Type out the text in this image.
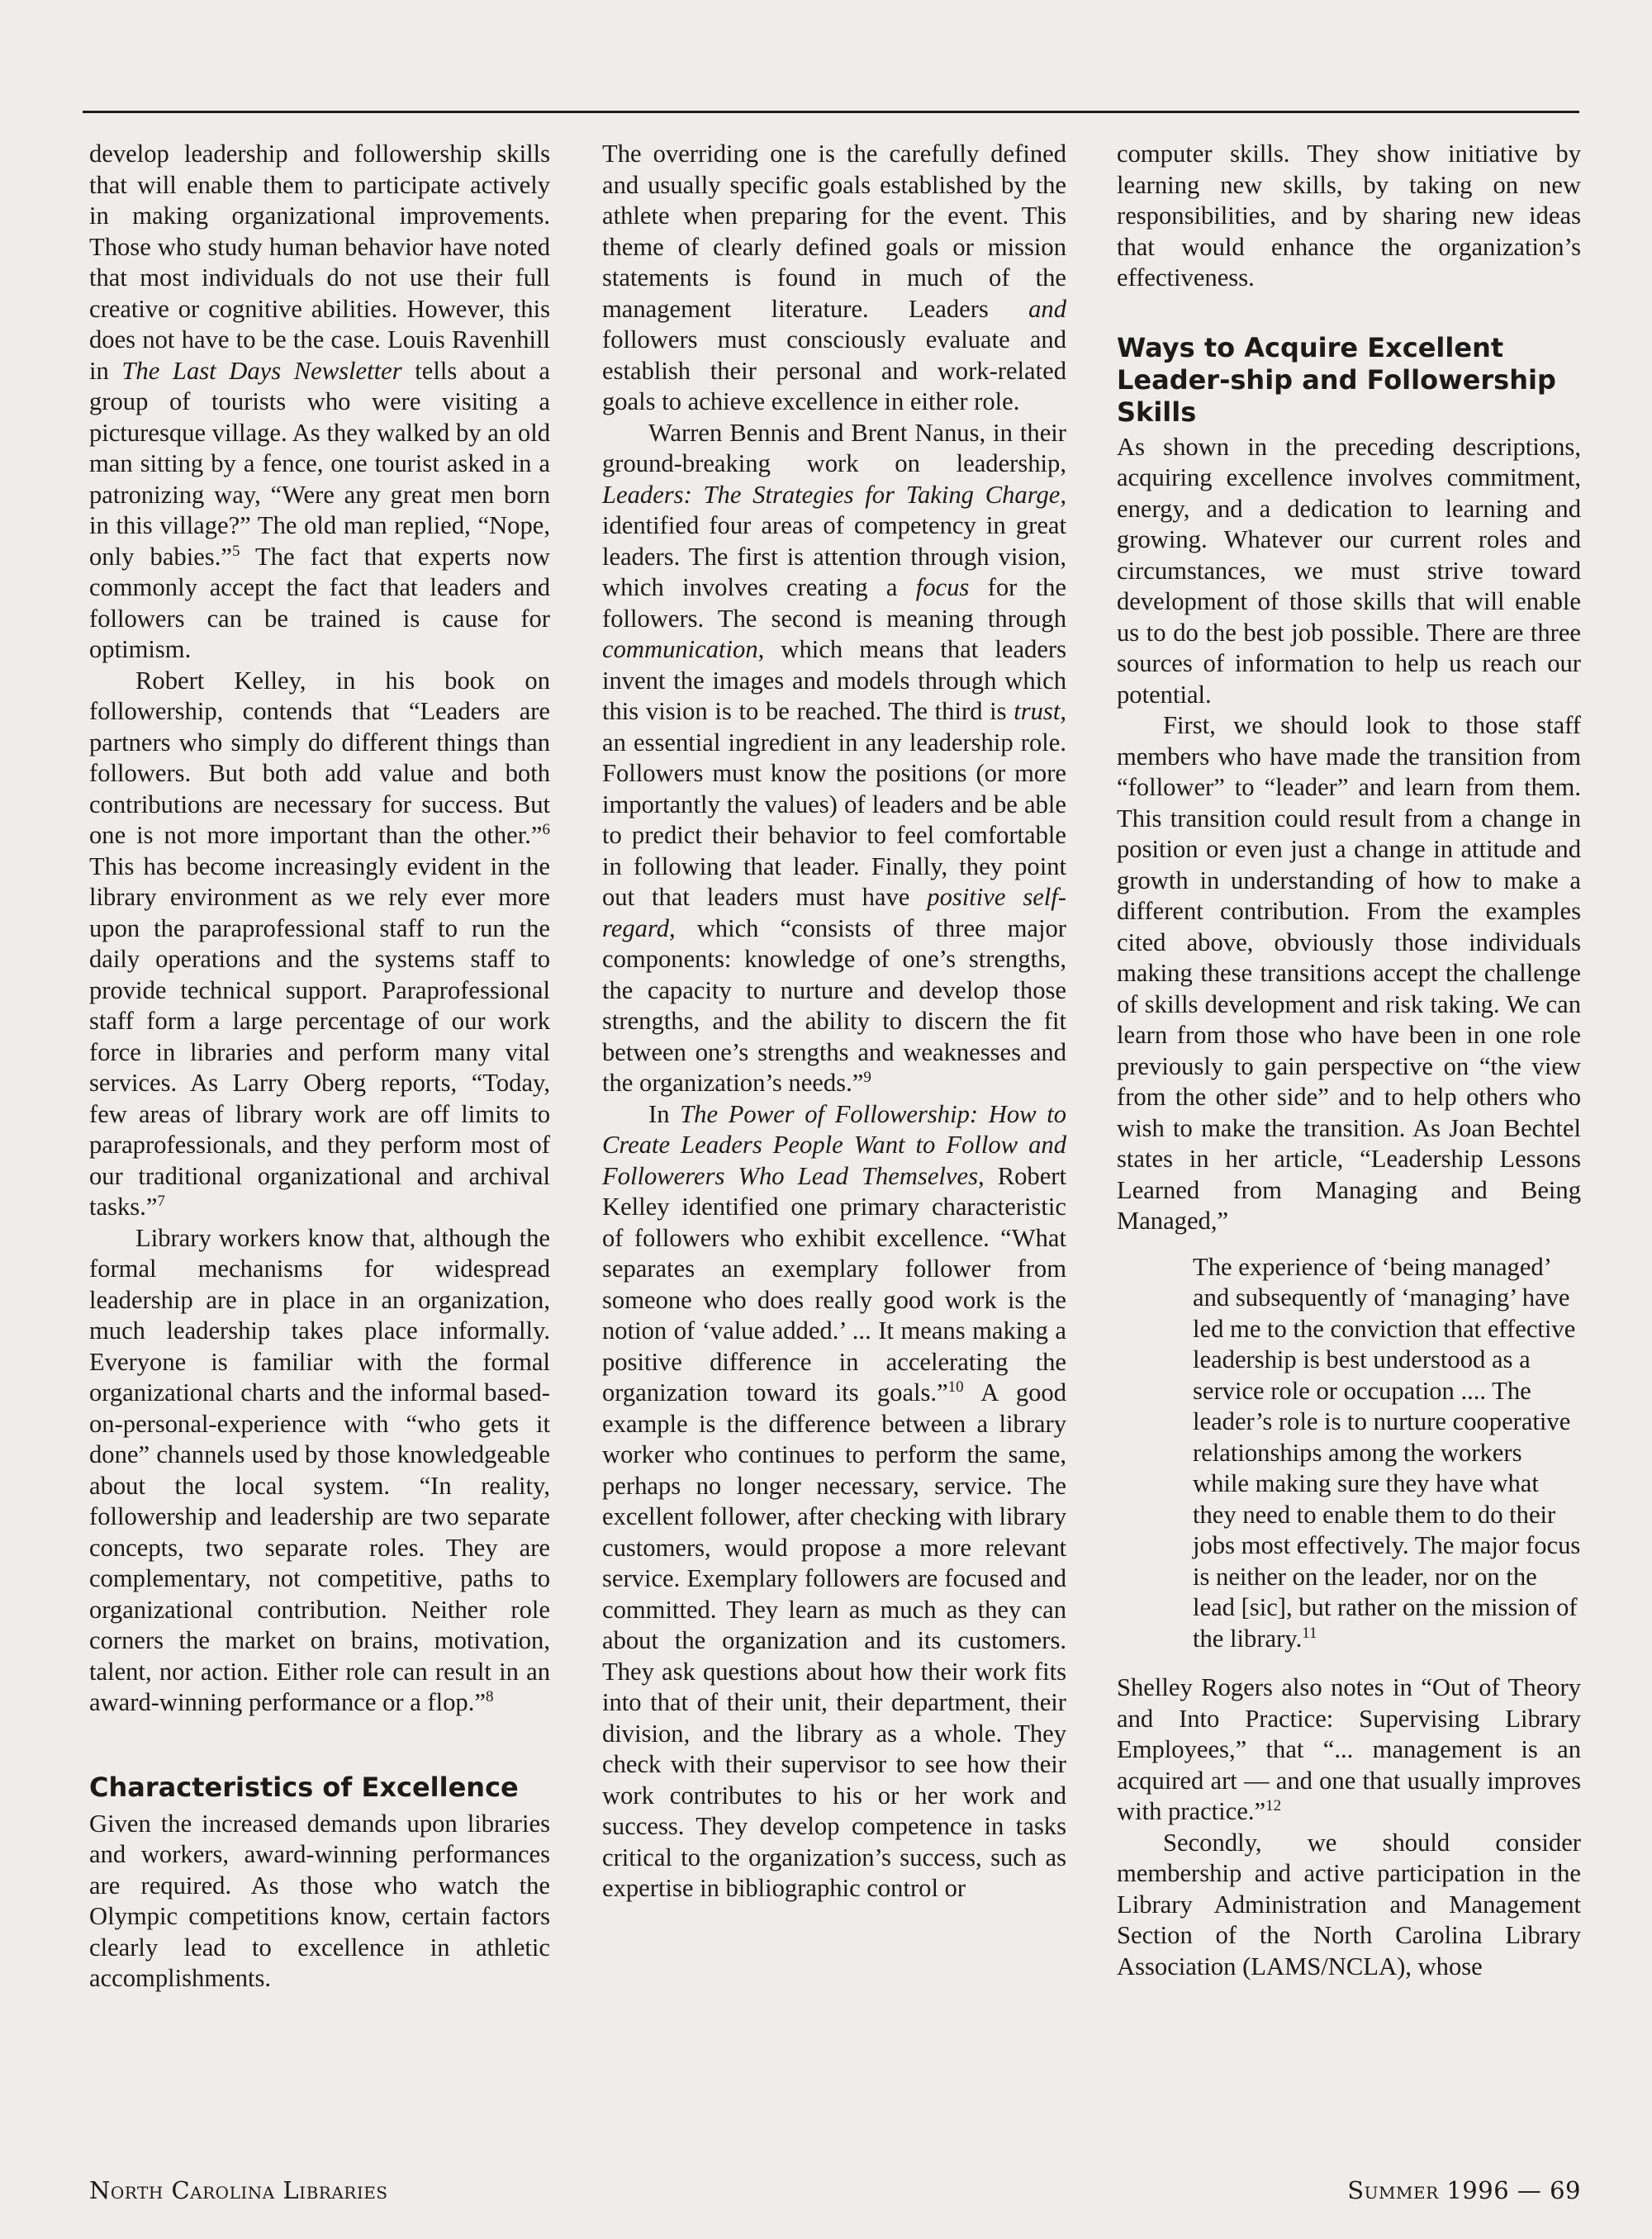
develop leadership and followership skills that will enable them to participate actively in making organizational improvements. Those who study human behavior have noted that most individuals do not use their full creative or cognitive abilities. However, this does not have to be the case. Louis Ravenhill in The Last Days Newsletter tells about a group of tourists who were visiting a picturesque village. As they walked by an old man sitting by a fence, one tourist asked in a patronizing way, “Were any great men born in this village?” The old man replied, “Nope, only babies.”$^5$ The fact that experts now commonly accept the fact that leaders and followers can be trained is cause for optimism.

Robert Kelley, in his book on followership, contends that “Leaders are partners who simply do different things than followers. But both add value and both contributions are necessary for success. But one is not more important than the other.”$^6$ This has become increasingly evident in the library environment as we rely ever more upon the paraprofessional staff to run the daily operations and the systems staff to provide technical support. Paraprofessional staff form a large percentage of our work force in libraries and perform many vital services. As Larry Oberg reports, “Today, few areas of library work are off limits to paraprofessionals, and they perform most of our traditional organizational and archival tasks.”$^7$

Library workers know that, although the formal mechanisms for widespread leadership are in place in an organization, much leadership takes place informally. Everyone is familiar with the formal organizational charts and the informal based-on-personal-experience with “who gets it done” channels used by those knowledgeable about the local system. “In reality, followership and leadership are two separate concepts, two separate roles. They are complementary, not competitive, paths to organizational contribution. Neither role corners the market on brains, motivation, talent, nor action. Either role can result in an award-winning performance or a flop.”$^8$

Characteristics of Excellence

Given the increased demands upon libraries and workers, award-winning performances are required. As those who watch the Olympic competitions know, certain factors clearly lead to excellence in athletic accomplishments.

The overriding one is the carefully defined and usually specific goals established by the athlete when preparing for the event. This theme of clearly defined goals or mission statements is found in much of the management literature. Leaders and followers must consciously evaluate and establish their personal and work-related goals to achieve excellence in either role.

Warren Bennis and Brent Nanus, in their ground-breaking work on leadership, Leaders: The Strategies for Taking Charge, identified four areas of competency in great leaders. The first is attention through vision, which involves creating a focus for the followers. The second is meaning through communication, which means that leaders invent the images and models through which this vision is to be reached. The third is trust, an essential ingredient in any leadership role. Followers must know the positions (or more importantly the values) of leaders and be able to predict their behavior to feel comfortable in following that leader. Finally, they point out that leaders must have positive self-regard, which “consists of three major components: knowledge of one’s strengths, the capacity to nurture and develop those strengths, and the ability to discern the fit between one’s strengths and weaknesses and the organization’s needs.”$^9$

In The Power of Followership: How to Create Leaders People Want to Follow and Followerers Who Lead Themselves, Robert Kelley identified one primary characteristic of followers who exhibit excellence. “What separates an exemplary follower from someone who does really good work is the notion of ‘value added.’ ... It means making a positive difference in accelerating the organization toward its goals.”$^{10}$ A good example is the difference between a library worker who continues to perform the same, perhaps no longer necessary, service. The excellent follower, after checking with library customers, would propose a more relevant service. Exemplary followers are focused and committed. They learn as much as they can about the organization and its customers. They ask questions about how their work fits into that of their unit, their department, their division, and the library as a whole. They check with their supervisor to see how their work contributes to his or her work and success. They develop competence in tasks critical to the organization’s success, such as expertise in bibliographic control or

computer skills. They show initiative by learning new skills, by taking on new responsibilities, and by sharing new ideas that would enhance the organization’s effectiveness.

Ways to Acquire Excellent Leader-ship and Followership Skills

As shown in the preceding descriptions, acquiring excellence involves commitment, energy, and a dedication to learning and growing. Whatever our current roles and circumstances, we must strive toward development of those skills that will enable us to do the best job possible. There are three sources of information to help us reach our potential.

First, we should look to those staff members who have made the transition from “follower” to “leader” and learn from them. This transition could result from a change in position or even just a change in attitude and growth in understanding of how to make a different contribution. From the examples cited above, obviously those individuals making these transitions accept the challenge of skills development and risk taking. We can learn from those who have been in one role previously to gain perspective on “the view from the other side” and to help others who wish to make the transition. As Joan Bechtel states in her article, “Leadership Lessons Learned from Managing and Being Managed,”

The experience of ‘being managed’ and subsequently of ‘managing’ have led me to the conviction that effective leadership is best understood as a service role or occupation .... The leader’s role is to nurture cooperative relationships among the workers while making sure they have what they need to enable them to do their jobs most effectively. The major focus is neither on the leader, nor on the lead [sic], but rather on the mission of the library.$^{11}$

Shelley Rogers also notes in “Out of Theory and Into Practice: Supervising Library Employees,” that “... management is an acquired art — and one that usually improves with practice.”$^{12}$

Secondly, we should consider membership and active participation in the Library Administration and Management Section of the North Carolina Library Association (LAMS/NCLA), whose

North Carolina Libraries	Summer 1996 — 69
